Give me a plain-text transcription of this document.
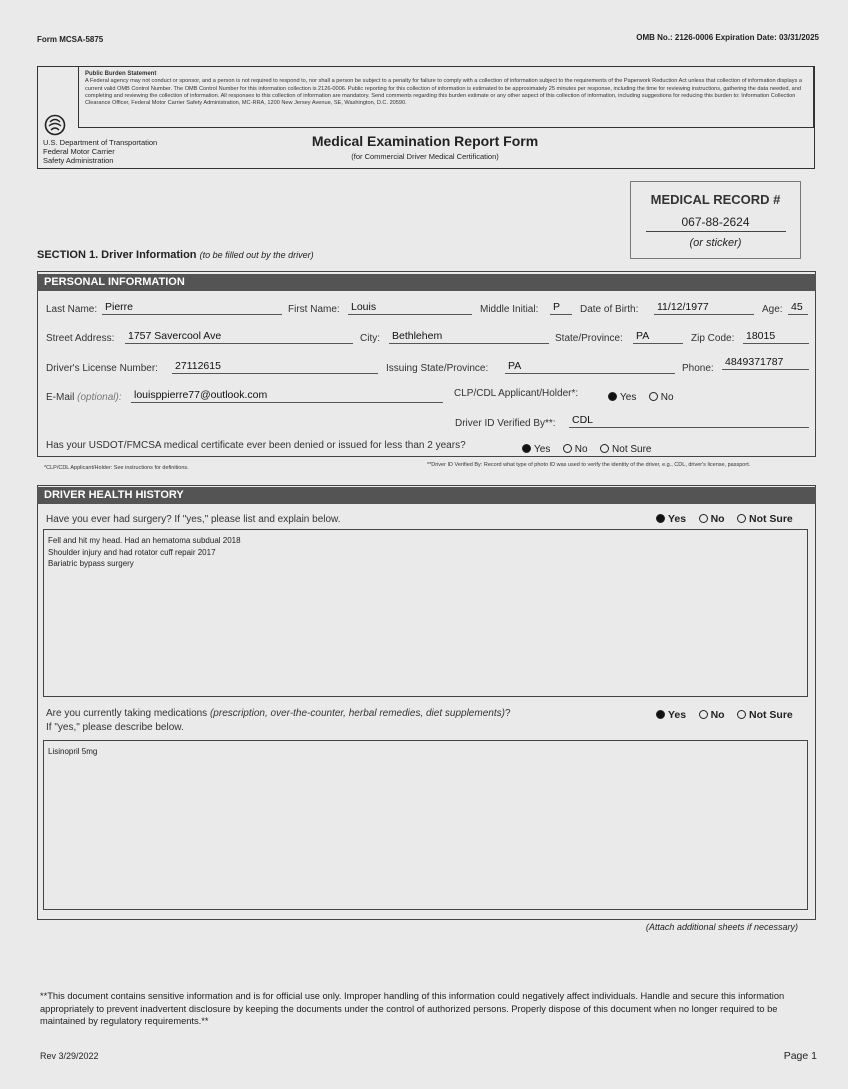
Form MCSA-5875	OMB No.: 2126-0006 Expiration Date: 03/31/2025
Public Burden Statement
A Federal agency may not conduct or sponsor, and a person is not required to respond to, nor shall a person be subject to a penalty for failure to comply with a collection of information subject to the requirements of the Paperwork Reduction Act unless that collection of information displays a current valid OMB Control Number. The OMB Control Number for this information collection is 2126-0006. Public reporting for this collection of information is estimated to be approximately 25 minutes per response, including the time for reviewing instructions, gathering the data needed, and completing and reviewing the collection of information. All responses to this collection of information are mandatory. Send comments regarding this burden estimate or any other aspect of this collection of information, including suggestions for reducing this burden to: Information Collection Clearance Officer, Federal Motor Carrier Safety Administration, MC-RRA, 1200 New Jersey Avenue, SE, Washington, D.C. 20590.
U.S. Department of Transportation
Federal Motor Carrier
Safety Administration
Medical Examination Report Form
(for Commercial Driver Medical Certification)
MEDICAL RECORD #
067-88-2624
(or sticker)
SECTION 1. Driver Information (to be filled out by the driver)
PERSONAL INFORMATION
Last Name: Pierre	First Name: Louis	Middle Initial: P	Date of Birth: 11/12/1977	Age: 45
Street Address: 1757 Savercool Ave	City: Bethlehem	State/Province: PA	Zip Code: 18015
Driver's License Number: 27112615	Issuing State/Province: PA	Phone:
4849371787
E-Mail (optional): louisppierre77@outlook.com	CLP/CDL Applicant/Holder*:	Yes No
Driver ID Verified By**: CDL
Has your USDOT/FMCSA medical certificate ever been denied or issued for less than 2 years?	Yes No Not Sure
*CLP/CDL Applicant/Holder: See instructions for definitions.	**Driver ID Verified By: Record what type of photo ID was used to verify the identity of the driver, e.g., CDL, driver's license, passport.
DRIVER HEALTH HISTORY
Have you ever had surgery? If "yes," please list and explain below.	Yes No Not Sure
Fell and hit my head. Had an hematoma subdual 2018
Shoulder injury and had rotator cuff repair 2017
Bariatric bypass surgery
Are you currently taking medications (prescription, over-the-counter, herbal remedies, diet supplements)?
If "yes," please describe below.
Yes No Not Sure
Lisinopril 5mg
(Attach additional sheets if necessary)
**This document contains sensitive information and is for official use only. Improper handling of this information could negatively affect individuals. Handle and secure this information appropriately to prevent inadvertent disclosure by keeping the documents under the control of authorized persons. Properly dispose of this document when no longer required to be maintained by regulatory requirements.**
Rev 3/29/2022	Page 1
